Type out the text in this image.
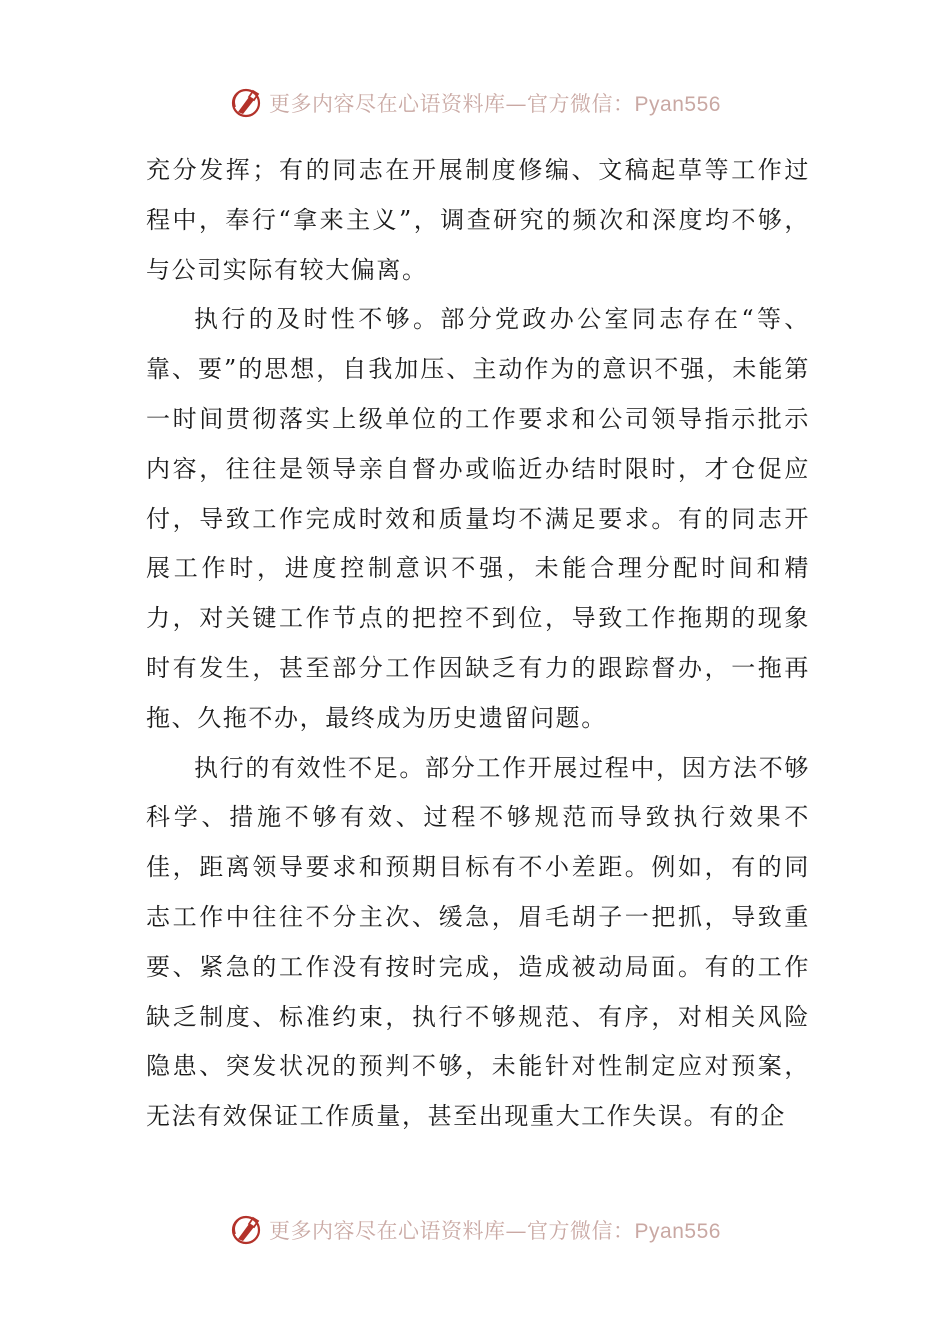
更多内容尽在心语资料库—官方微信：Pyan556

充分发挥；有的同志在开展制度修编、文稿起草等工作过程中，奉行“拿来主义”，调查研究的频次和深度均不够，与公司实际有较大偏离。

执行的及时性不够。部分党政办公室同志存在“等、靠、要”的思想，自我加压、主动作为的意识不强，未能第一时间贯彻落实上级单位的工作要求和公司领导指示批示内容，往往是领导亲自督办或临近办结时限时，才仓促应付，导致工作完成时效和质量均不满足要求。有的同志开展工作时，进度控制意识不强，未能合理分配时间和精力，对关键工作节点的把控不到位，导致工作拖期的现象时有发生，甚至部分工作因缺乏有力的跟踪督办，一拖再拖、久拖不办，最终成为历史遗留问题。

执行的有效性不足。部分工作开展过程中，因方法不够科学、措施不够有效、过程不够规范而导致执行效果不佳，距离领导要求和预期目标有不小差距。例如，有的同志工作中往往不分主次、缓急，眉毛胡子一把抓，导致重要、紧急的工作没有按时完成，造成被动局面。有的工作缺乏制度、标准约束，执行不够规范、有序，对相关风险隐患、突发状况的预判不够，未能针对性制定应对预案，无法有效保证工作质量，甚至出现重大工作失误。有的企

更多内容尽在心语资料库—官方微信：Pyan556
